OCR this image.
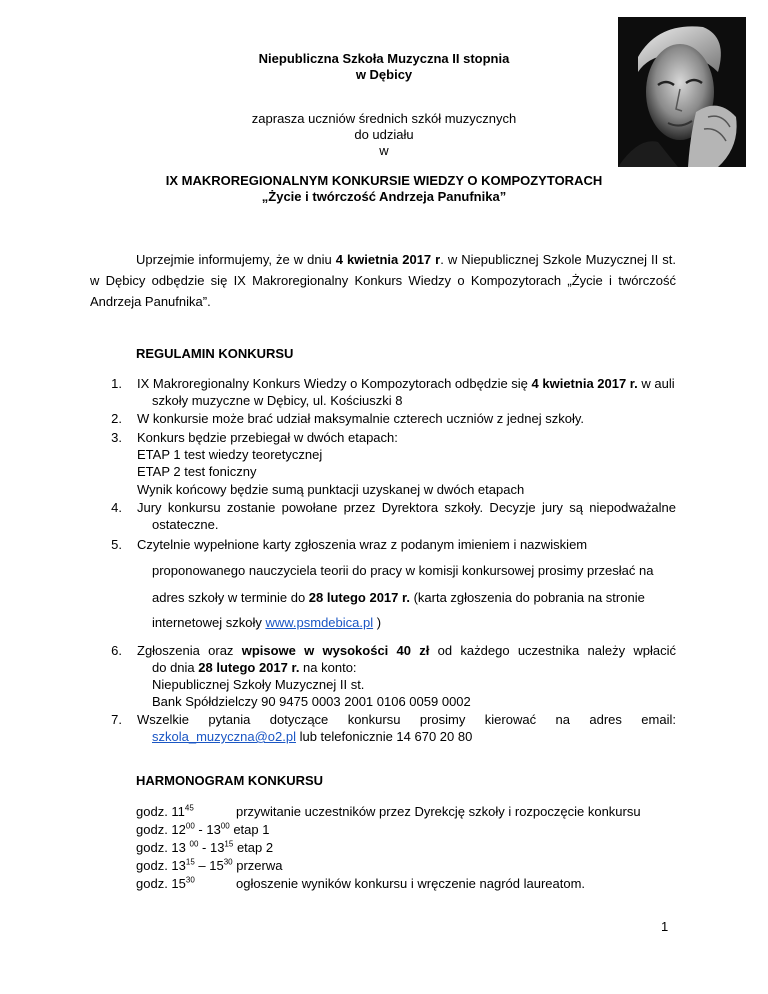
Niepubliczna Szkoła Muzyczna II stopnia
w Dębicy
zaprasza uczniów średnich szkół muzycznych
do udziału
w
IX MAKROREGIONALNYM KONKURSIE WIEDZY O KOMPOZYTORACH
„Życie i twórczość Andrzeja Panufnika”
Uprzejmie informujemy, że w dniu 4 kwietnia 2017 r. w Niepublicznej Szkole Muzycznej II st. w Dębicy odbędzie się IX Makroregionalny Konkurs Wiedzy o Kompozytorach „Życie i twórczość Andrzeja Panufnika”.
REGULAMIN KONKURSU
1. IX Makroregionalny Konkurs Wiedzy o Kompozytorach odbędzie się 4 kwietnia 2017 r. w auli
szkoły muzyczne w Dębicy, ul. Kościuszki 8
2. W konkursie może brać udział maksymalnie czterech uczniów z jednej szkoły.
3. Konkurs będzie przebiegał w dwóch etapach:
ETAP 1 test wiedzy teoretycznej
ETAP 2 test foniczny
Wynik końcowy będzie sumą punktacji uzyskanej w dwóch etapach
4. Jury konkursu zostanie powołane przez Dyrektora szkoły. Decyzje jury są niepodważalne
ostateczne.
5. Czytelnie wypełnione karty zgłoszenia wraz z podanym imieniem i nazwiskiem
proponowanego nauczyciela teorii do pracy w komisji konkursowej prosimy przesłać na
adres szkoły w terminie do 28 lutego 2017 r. (karta zgłoszenia do pobrania na stronie
internetowej szkoły www.psmdebica.pl )
6. Zgłoszenia oraz wpisowe w wysokości 40 zł od każdego uczestnika należy wpłacić
do dnia 28 lutego 2017 r. na konto:
Niepublicznej Szkoły Muzycznej II st.
Bank Spółdzielczy 90 9475 0003 2001 0106 0059 0002
7. Wszelkie pytania dotyczące konkursu prosimy kierować na adres email:
szkola_muzyczna@o2.pl lub telefonicznie 14 670 20 80
HARMONOGRAM KONKURSU
godz. $11^{45}$	przywitanie uczestników przez Dyrekcję szkoły i rozpoczęcie konkursu
godz. $12^{00} - 13^{00}$ etap 1
godz. 13 $^{00} - 13^{15}$ etap 2
godz. $13^{15} - 15^{30}$ przerwa
godz. $15^{30}$	ogłoszenie wyników konkursu i wręczenie nagród laureatom.
1
